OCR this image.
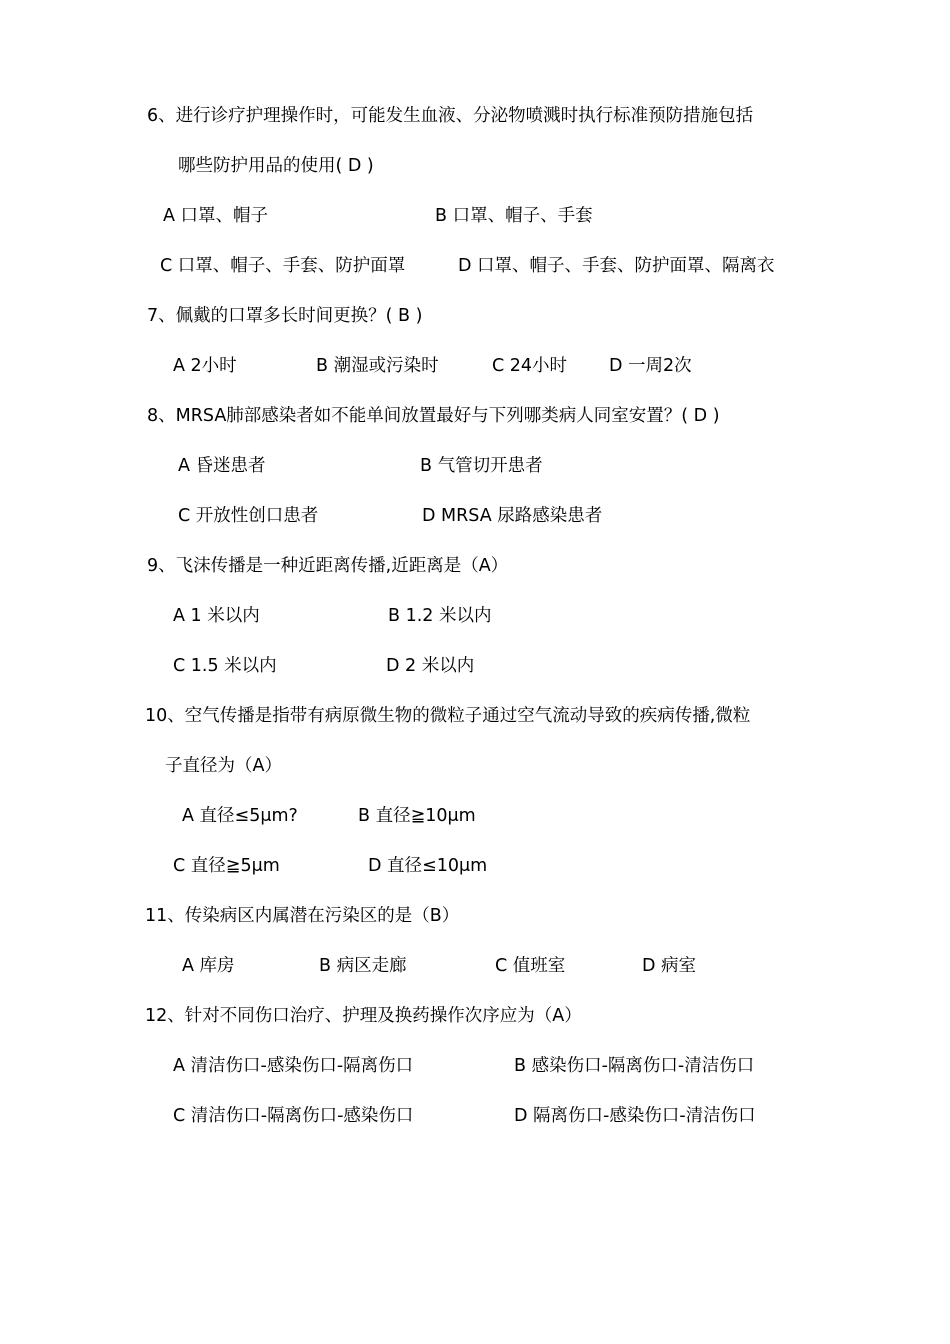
6、进行诊疗护理操作时，可能发生血液、分泌物喷溅时执行标准预防措施包括
哪些防护用品的使用( D )
A 口罩、帽子	B 口罩、帽子、手套
C 口罩、帽子、手套、防护面罩	D 口罩、帽子、手套、防护面罩、隔离衣
7、佩戴的口罩多长时间更换？( B )
A 2小时	B 潮湿或污染时	C 24小时 D 一周2次
8、MRSA肺部感染者如不能单间放置最好与下列哪类病人同室安置？( D )
A 昏迷患者	B 气管切开患者
C 开放性创口患者	D MRSA 尿路感染患者
9、飞沫传播是一种近距离传播,近距离是（A）
A 1 米以内	B 1.2 米以内
C 1.5 米以内	D 2 米以内
10、空气传播是指带有病原微生物的微粒子通过空气流动导致的疾病传播,微粒
子直径为（A）
A 直径≤5μm?	B 直径≧10μm
C 直径≧5μm	D 直径≤10μm
11、传染病区内属潜在污染区的是（B）
A 库房	B 病区走廊	C 值班室	D 病室
12、针对不同伤口治疗、护理及换药操作次序应为（A）
A 清洁伤口-感染伤口-隔离伤口	B 感染伤口-隔离伤口-清洁伤口
C 清洁伤口-隔离伤口-感染伤口	D 隔离伤口-感染伤口-清洁伤口
